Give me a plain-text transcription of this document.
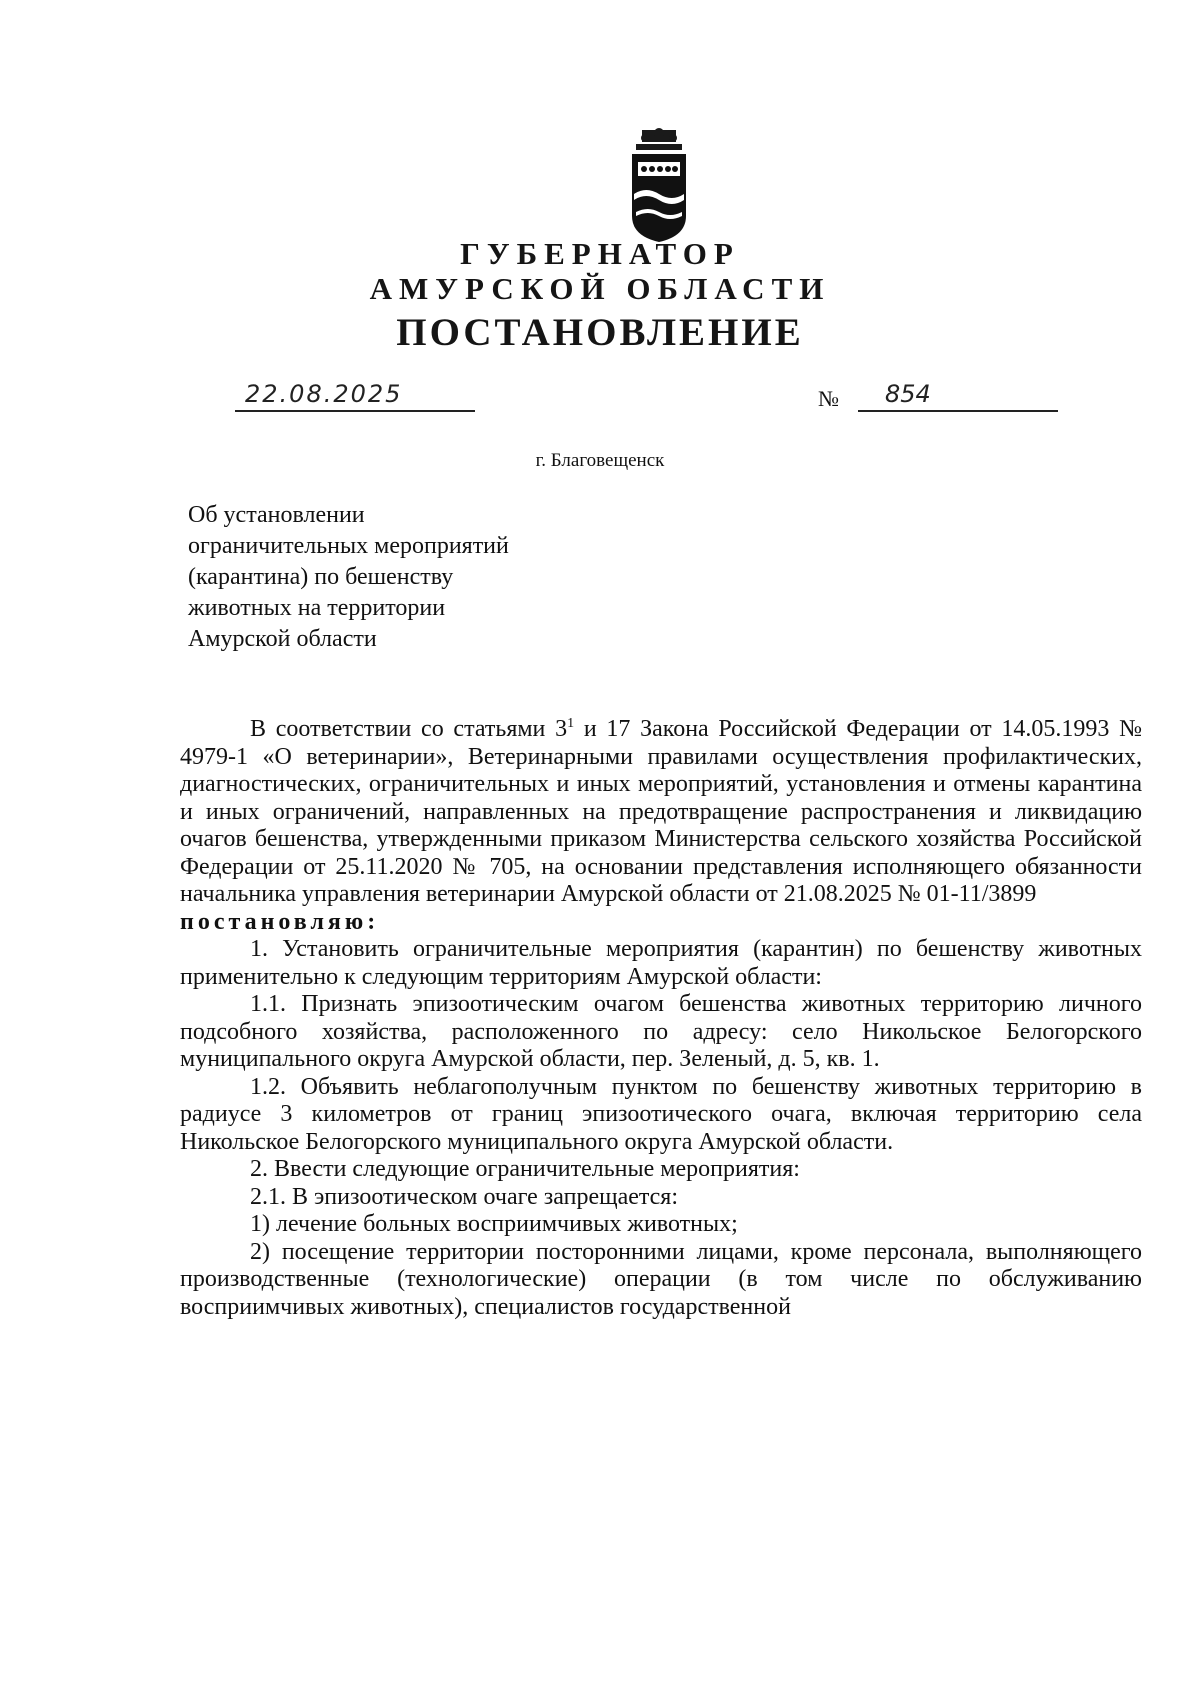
ГУБЕРНАТОР
АМУРСКОЙ ОБЛАСТИ
ПОСТАНОВЛЕНИЕ
22.08.2025	№ 854
г. Благовещенск
Об установлении
ограничительных мероприятий
(карантина) по бешенству
животных на территории
Амурской области

В соответствии со статьями $3^1$ и 17 Закона Российской Федерации от 14.05.1993 № 4979-1 «О ветеринарии», Ветеринарными правилами осуществления профилактических, диагностических, ограничительных и иных мероприятий, установления и отмены карантина и иных ограничений, направленных на предотвращение распространения и ликвидацию очагов бешенства, утвержденными приказом Министерства сельского хозяйства Российской Федерации от 25.11.2020 № 705, на основании представления исполняющего обязанности начальника управления ветеринарии Амурской области от 21.08.2025 № 01-11/3899

постановляю:

1. Установить ограничительные мероприятия (карантин) по бешенству животных применительно к следующим территориям Амурской области:

1.1. Признать эпизоотическим очагом бешенства животных территорию личного подсобного хозяйства, расположенного по адресу: село Никольское Белогорского муниципального округа Амурской области, пер. Зеленый, д. 5, кв. 1.

1.2. Объявить неблагополучным пунктом по бешенству животных территорию в радиусе 3 километров от границ эпизоотического очага, включая территорию села Никольское Белогорского муниципального округа Амурской области.

2. Ввести следующие ограничительные мероприятия:

2.1. В эпизоотическом очаге запрещается:

1) лечение больных восприимчивых животных;

2) посещение территории посторонними лицами, кроме персонала, выполняющего производственные (технологические) операции (в том числе по обслуживанию восприимчивых животных), специалистов государственной
